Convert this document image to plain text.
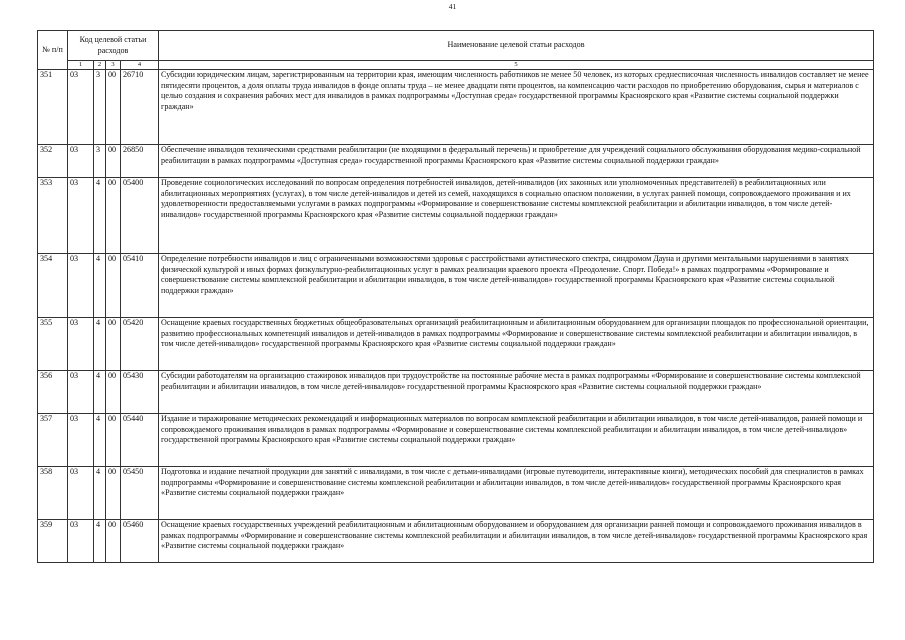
41
№ п/п	Код целевой статьи расходов				Наименование целевой статьи расходов
	1	2	3	4	5
351	03	3	00	26710	Субсидии юридическим лицам, зарегистрированным на территории края, имеющим численность работников не менее 50 человек, из которых среднесписочная численность инвалидов составляет не менее пятидесяти процентов, а доля оплаты труда инвалидов в фонде оплаты труда – не менее двадцати пяти процентов, на компенсацию части расходов по приобретению оборудования, сырья и материалов с целью создания и сохранения рабочих мест для инвалидов в рамках подпрограммы «Доступная среда» государственной программы Красноярского края «Развитие системы социальной поддержки граждан»
352	03	3	00	26850	Обеспечение инвалидов техническими средствами реабилитации (не входящими в федеральный перечень) и приобретение для учреждений социального обслуживания оборудования медико-социальной реабилитации в рамках подпрограммы «Доступная среда» государственной программы Красноярского края «Развитие системы социальной поддержки граждан»
353	03	4	00	05400	Проведение социологических исследований по вопросам определения потребностей инвалидов, детей-инвалидов (их законных или уполномоченных представителей) в реабилитационных или абилитационных мероприятиях (услугах), в том числе детей-инвалидов и детей из семей, находящихся в социально опасном положении, в услугах ранней помощи, сопровождаемого проживания и их удовлетворенности предоставляемыми услугами в рамках подпрограммы «Формирование и совершенствование системы комплексной реабилитации и абилитации инвалидов, в том числе детей-инвалидов» государственной программы Красноярского края «Развитие системы социальной поддержки граждан»
354	03	4	00	05410	Определение потребности инвалидов и лиц с ограниченными возможностями здоровья с расстройствами аутистического спектра, синдромом Дауна и другими ментальными нарушениями в занятиях физической культурой и иных формах физкультурно-реабилитационных услуг в рамках реализации краевого проекта «Преодоление. Спорт. Победа!» в рамках подпрограммы «Формирование и совершенствование системы комплексной реабилитации и абилитации инвалидов, в том числе детей-инвалидов» государственной программы Красноярского края «Развитие системы социальной поддержки граждан»
355	03	4	00	05420	Оснащение краевых государственных бюджетных общеобразовательных организаций реабилитационным и абилитационным оборудованием для организации площадок по профессиональной ориентации, развитию профессиональных компетенций инвалидов и детей-инвалидов в рамках подпрограммы «Формирование и совершенствование системы комплексной реабилитации и абилитации инвалидов, в том числе детей-инвалидов» государственной программы Красноярского края «Развитие системы социальной поддержки граждан»
356	03	4	00	05430	Субсидии работодателям на организацию стажировок инвалидов при трудоустройстве на постоянные рабочие места в рамках подпрограммы «Формирование и совершенствование системы комплексной реабилитации и абилитации инвалидов, в том числе детей-инвалидов» государственной программы Красноярского края «Развитие системы социальной поддержки граждан»
357	03	4	00	05440	Издание и тиражирование методических рекомендаций и информационных материалов по вопросам комплексной реабилитации и абилитации инвалидов, в том числе детей-инвалидов, ранней помощи и сопровождаемого проживания инвалидов в рамках подпрограммы «Формирование и совершенствование системы комплексной реабилитации и абилитации инвалидов, в том числе детей-инвалидов» государственной программы Красноярского края «Развитие системы социальной поддержки граждан»
358	03	4	00	05450	Подготовка и издание печатной продукции для занятий с инвалидами, в том числе с детьми-инвалидами (игровые путеводители, интерактивные книги), методических пособий для специалистов в рамках подпрограммы «Формирование и совершенствование системы комплексной реабилитации и абилитации инвалидов, в том числе детей-инвалидов» государственной программы Красноярского края «Развитие системы социальной поддержки граждан»
359	03	4	00	05460	Оснащение краевых государственных учреждений реабилитационным и абилитационным оборудованием и оборудованием для организации ранней помощи и сопровождаемого проживания инвалидов в рамках подпрограммы «Формирование и совершенствование системы комплексной реабилитации и абилитации инвалидов, в том числе детей-инвалидов» государственной программы Красноярского края «Развитие системы социальной поддержки граждан»
